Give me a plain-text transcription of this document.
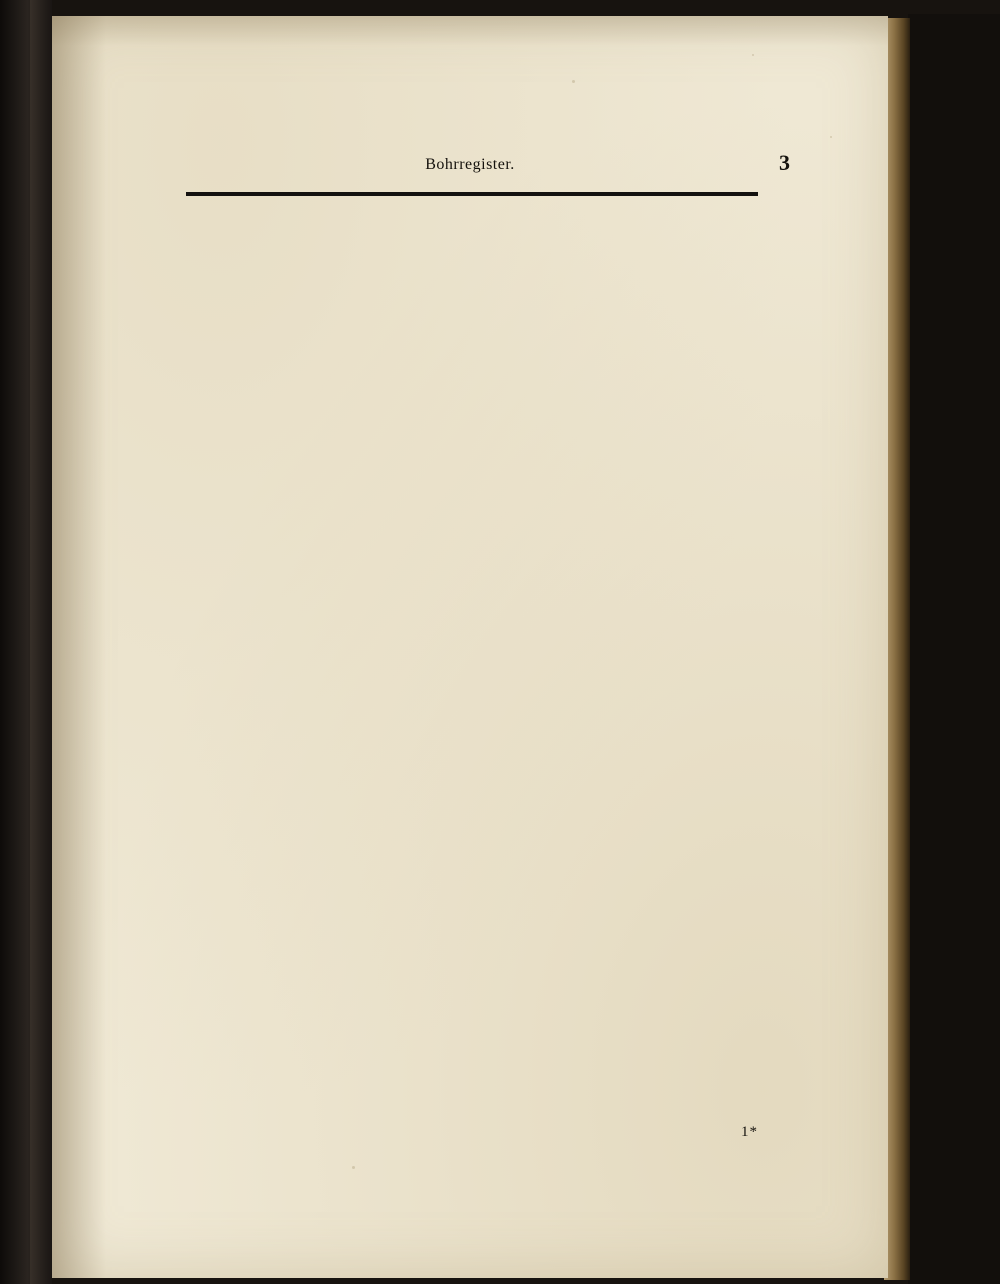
Bohrregister.	3
1*
